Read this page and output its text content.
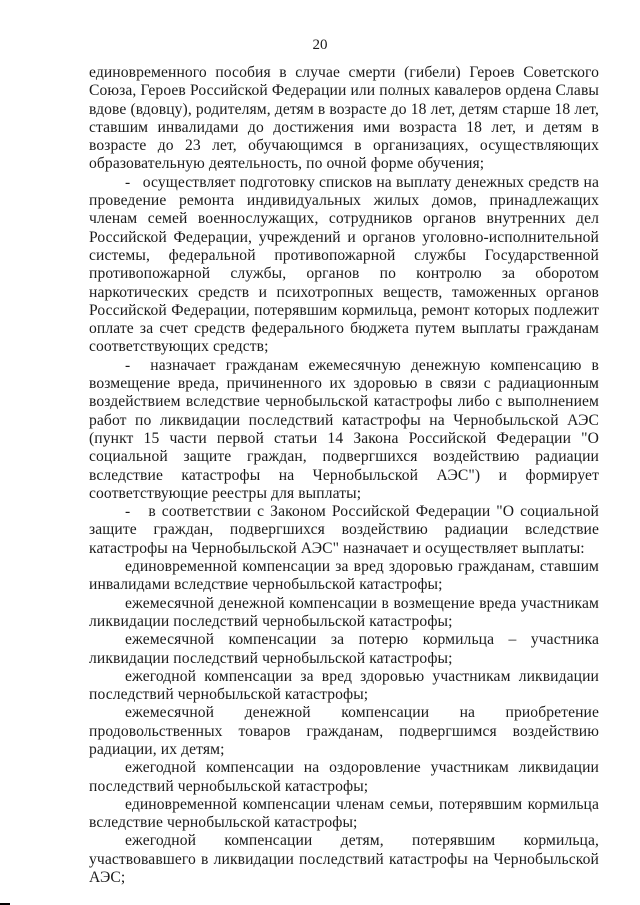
20

единовременного пособия в случае смерти (гибели) Героев Советского Союза, Героев Российской Федерации или полных кавалеров ордена Славы вдове (вдовцу), родителям, детям в возрасте до 18 лет, детям старше 18 лет, ставшим инвалидами до достижения ими возраста 18 лет, и детям в возрасте до 23 лет, обучающимся в организациях, осуществляющих образовательную деятельность, по очной форме обучения;

-   осуществляет подготовку списков на выплату денежных средств на проведение ремонта индивидуальных жилых домов, принадлежащих членам семей военнослужащих, сотрудников органов внутренних дел Российской Федерации, учреждений и органов уголовно-исполнительной системы, федеральной противопожарной службы Государственной противопожарной службы, органов по контролю за оборотом наркотических средств и психотропных веществ, таможенных органов Российской Федерации, потерявшим кормильца, ремонт которых подлежит оплате за счет средств федерального бюджета путем выплаты гражданам соответствующих средств;

-  назначает гражданам ежемесячную денежную компенсацию в возмещение вреда, причиненного их здоровью в связи с радиационным воздействием вследствие чернобыльской катастрофы либо с выполнением работ по ликвидации последствий катастрофы на Чернобыльской АЭС (пункт 15 части первой статьи 14 Закона Российской Федерации "О социальной защите граждан, подвергшихся воздействию радиации вследствие катастрофы на Чернобыльской АЭС") и формирует соответствующие реестры для выплаты;

-   в соответствии с Законом Российской Федерации "О социальной защите граждан, подвергшихся воздействию радиации вследствие катастрофы на Чернобыльской АЭС" назначает и осуществляет выплаты:

единовременной компенсации за вред здоровью гражданам, ставшим инвалидами вследствие чернобыльской катастрофы;

ежемесячной денежной компенсации в возмещение вреда участникам ликвидации последствий чернобыльской катастрофы;

ежемесячной компенсации за потерю кормильца – участника ликвидации последствий чернобыльской катастрофы;

ежегодной компенсации за вред здоровью участникам ликвидации последствий чернобыльской катастрофы;

ежемесячной денежной компенсации на приобретение продовольственных товаров гражданам, подвергшимся воздействию радиации, их детям;

ежегодной компенсации на оздоровление участникам ликвидации последствий чернобыльской катастрофы;

единовременной компенсации членам семьи, потерявшим кормильца вследствие чернобыльской катастрофы;

ежегодной компенсации детям, потерявшим кормильца, участвовавшего в ликвидации последствий катастрофы на Чернобыльской АЭС;
